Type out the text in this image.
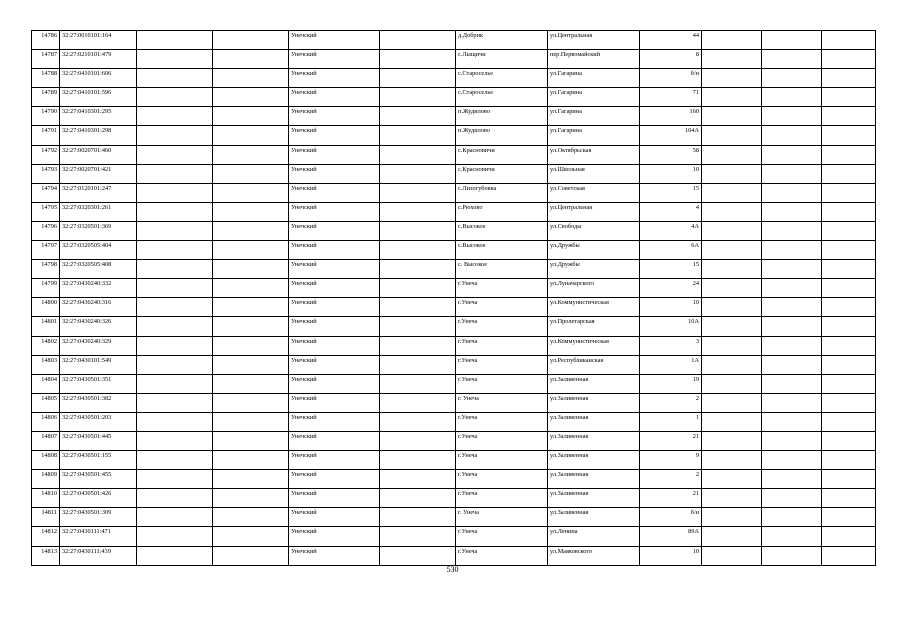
14786	32:27:0010101:164			Унечский		д.Добрик	ул.Центральная	44			
14787	32:27:0210101:479			Унечский		с.Лыщичи	пер.Первомайский	8			
14788	32:27:0410101:606			Унечский		с.Староселье	ул.Гагарина	б/н			
14789	32:27:0410101:596			Унечский		с.Староселье	ул.Гагарина	71			
14790	32:27:0410301:295			Унечский		п.Жудилово	ул.Гагарина	160			
14791	32:27:0410301:298			Унечский		п.Жудилово	ул.Гагарина	104А			
14792	32:27:0020701:460			Унечский		с.Красновичи	ул.Октябрьская	58			
14793	32:27:0020701:421			Унечский		с.Красновичи	ул.Школьная	10			
14794	32:27:0120101:247			Унечский		с.Лизогубовка	ул.Советская	15			
14795	32:27:0320301:261			Унечский		с.Рюхово	ул.Центральная	4			
14796	32:27:0320501:369			Унечский		с.Высокое	ул.Свободы	4А			
14797	32:27:0320505:404			Унечский		с.Высокое	ул.Дружбы	6А			
14798	32:27:0320505:408			Унечский		с. Высокое	ул.Дружбы	15			
14799	32:27:0430240:332			Унечский		г.Унеча	ул.Луначарского	24			
14800	32:27:0430240:316			Унечский		г.Унеча	ул.Коммунистическая	10			
14801	32:27:0430240:326			Унечский		г.Унеча	ул.Пролетарская	10А			
14802	32:27:0430240:329			Унечский		г.Унеча	ул.Коммунистическая	3			
14803	32:27:0430101:549			Унечский		г.Унеча	ул.Республиканская	1А			
14804	32:27:0430501:351			Унечский		г.Унеча	ул.Заливенная	19			
14805	32:27:0430501:382			Унечский		г. Унеча	ул.Заливенная	2			
14806	32:27:0430501:203			Унечский		г.Унеча	ул.Заливенная	1			
14807	32:27:0430501:445			Унечский		г.Унеча	ул.Заливенная	21			
14808	32:27:0430501:155			Унечский		г.Унеча	ул.Заливенная	9			
14809	32:27:0430501:455			Унечский		г.Унеча	ул.Заливенная	2			
14810	32:27:0430501:426			Унечский		г.Унеча	ул.Заливенная	21			
14811	32:27:0430501:309			Унечский		г. Унеча	ул.Заливенная	б/н			
14812	32:27:0430111:471			Унечский		г.Унеча	ул.Ленина	89А			
14813	32:27:0430111:439			Унечский		г.Унеча	ул.Маяковского	10			
530
